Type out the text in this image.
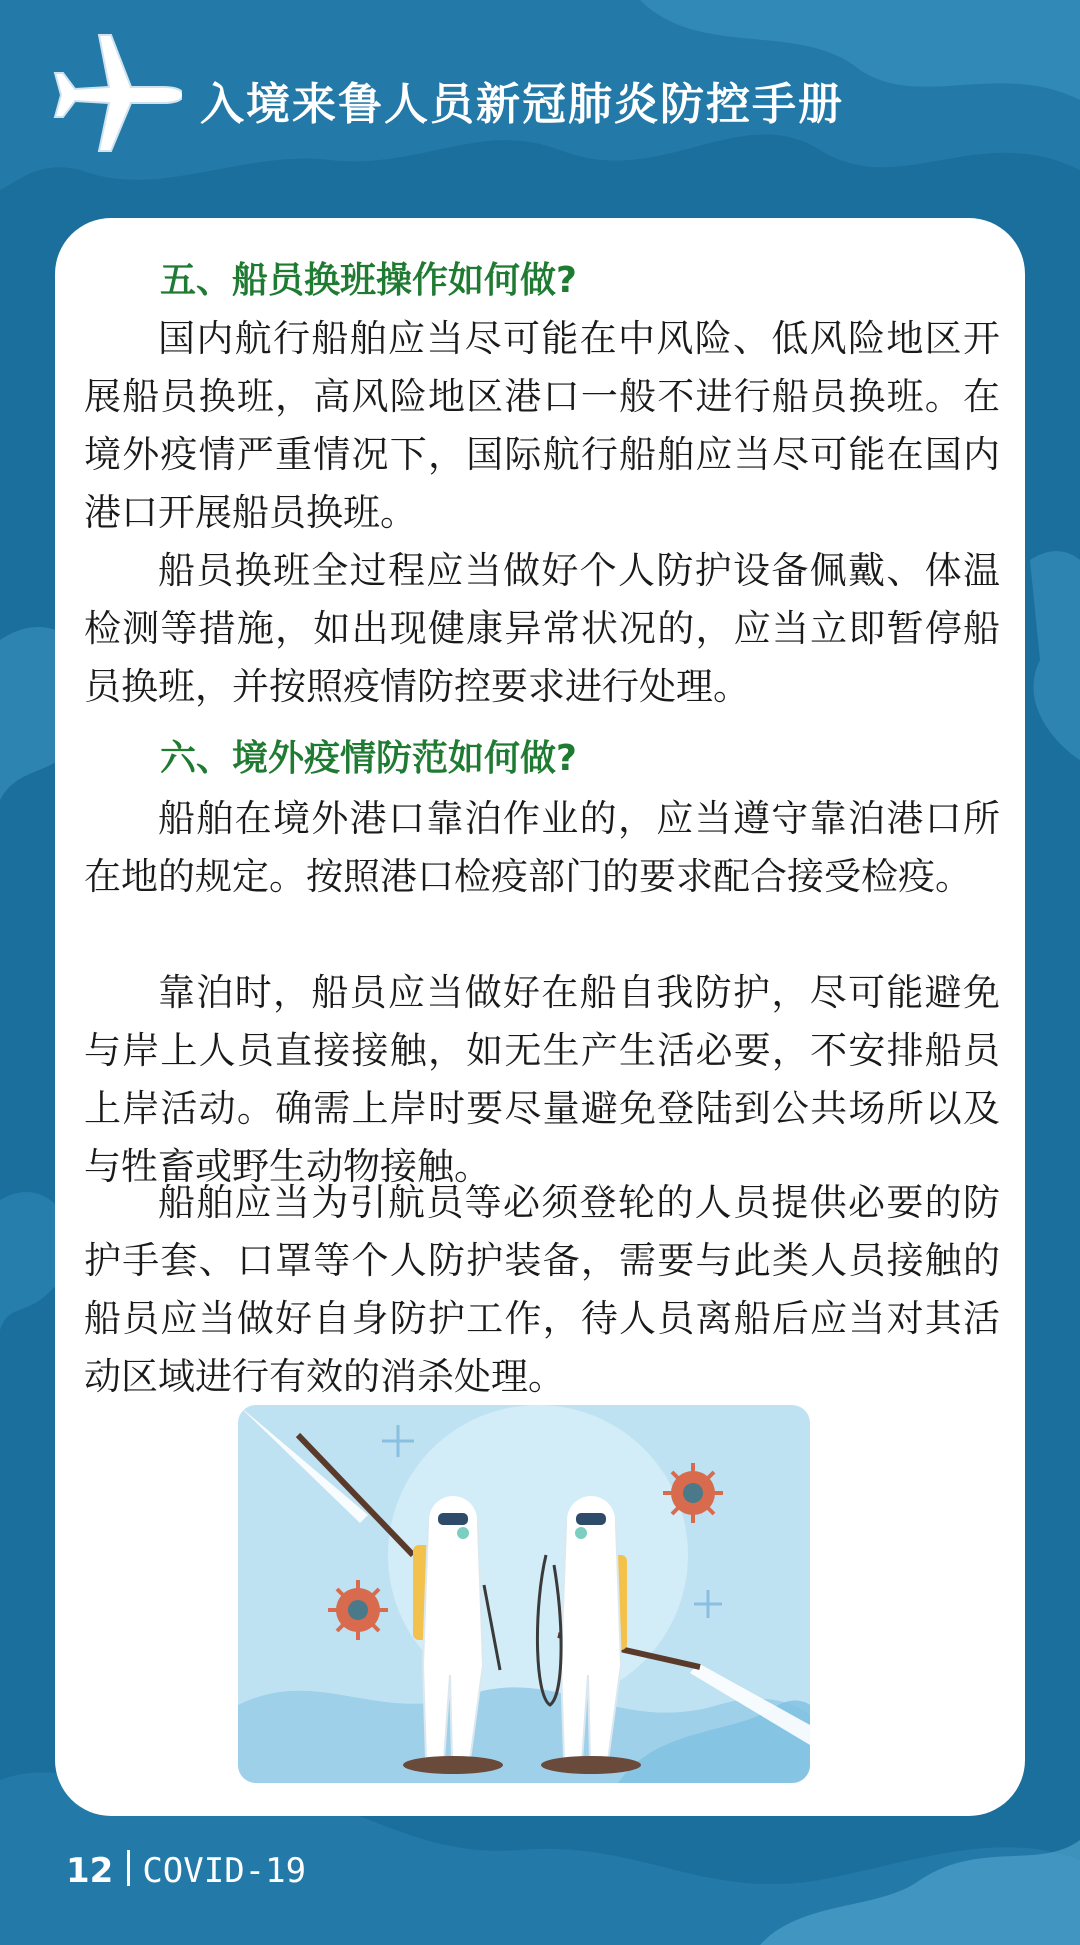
入境来鲁人员新冠肺炎防控手册
五、船员换班操作如何做?

国内航行船舶应当尽可能在中风险、低风险地区开展船员换班，高风险地区港口一般不进行船员换班。在境外疫情严重情况下，国际航行船舶应当尽可能在国内港口开展船员换班。

船员换班全过程应当做好个人防护设备佩戴、体温检测等措施，如出现健康异常状况的，应当立即暂停船员换班，并按照疫情防控要求进行处理。

六、境外疫情防范如何做?

船舶在境外港口靠泊作业的，应当遵守靠泊港口所在地的规定。按照港口检疫部门的要求配合接受检疫。

靠泊时，船员应当做好在船自我防护，尽可能避免与岸上人员直接接触，如无生产生活必要，不安排船员上岸活动。确需上岸时要尽量避免登陆到公共场所以及与牲畜或野生动物接触。

船舶应当为引航员等必须登轮的人员提供必要的防护手套、口罩等个人防护装备，需要与此类人员接触的船员应当做好自身防护工作，待人员离船后应当对其活动区域进行有效的消杀处理。

12 COVID-19
